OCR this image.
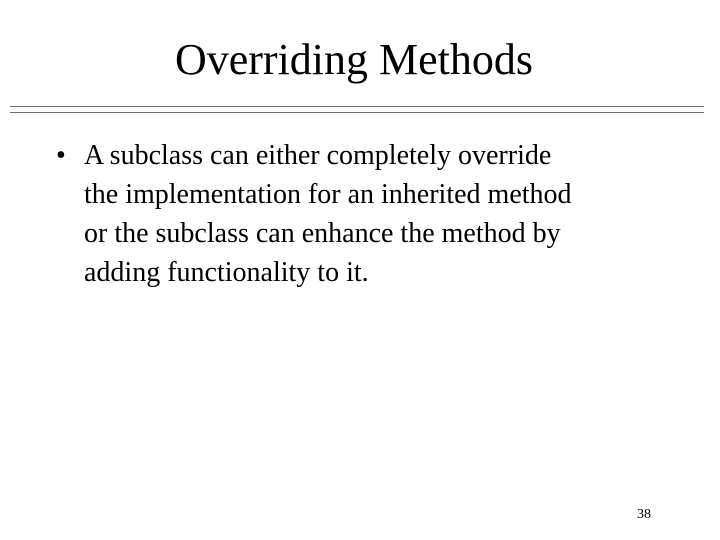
Overriding Methods
• A subclass can either completely override
the implementation for an inherited method
or the subclass can enhance the method by
adding functionality to it.
38
